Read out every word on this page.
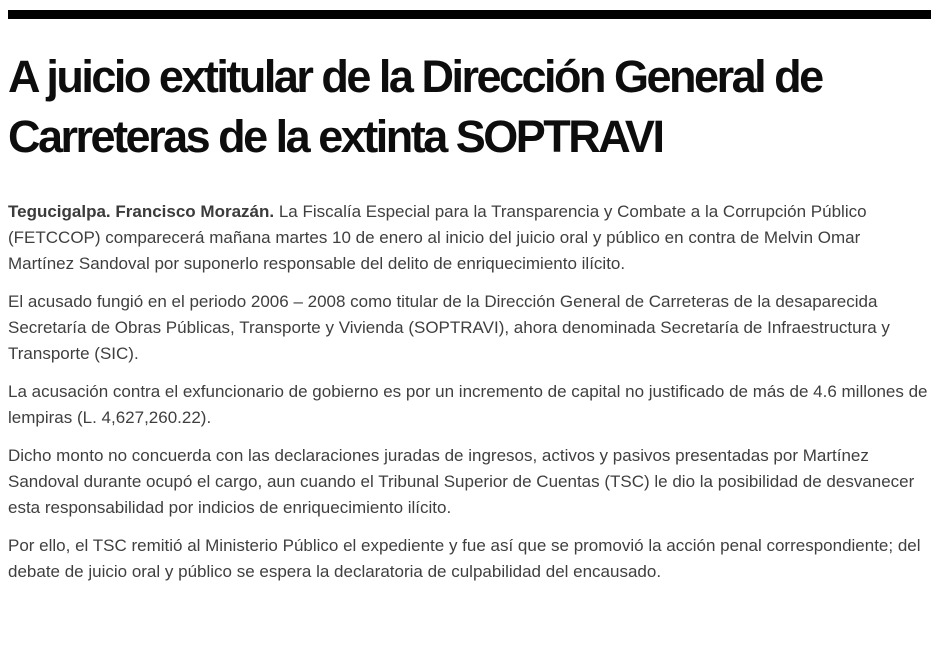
A juicio extitular de la Dirección General de
Carreteras de la extinta SOPTRAVI

Tegucigalpa. Francisco Morazán. La Fiscalía Especial para la Transparencia y Combate a la Corrupción Público (FETCCOP) comparecerá mañana martes 10 de enero al inicio del juicio oral y público en contra de Melvin Omar Martínez Sandoval por suponerlo responsable del delito de enriquecimiento ilícito.

El acusado fungió en el periodo 2006 – 2008 como titular de la Dirección General de Carreteras de la desaparecida Secretaría de Obras Públicas, Transporte y Vivienda (SOPTRAVI), ahora denominada Secretaría de Infraestructura y Transporte (SIC).

La acusación contra el exfuncionario de gobierno es por un incremento de capital no justificado de más de 4.6 millones de lempiras (L. 4,627,260.22).

Dicho monto no concuerda con las declaraciones juradas de ingresos, activos y pasivos presentadas por Martínez Sandoval durante ocupó el cargo, aun cuando el Tribunal Superior de Cuentas (TSC) le dio la posibilidad de desvanecer esta responsabilidad por indicios de enriquecimiento ilícito.

Por ello, el TSC remitió al Ministerio Público el expediente y fue así que se promovió la acción penal correspondiente; del debate de juicio oral y público se espera la declaratoria de culpabilidad del encausado.
